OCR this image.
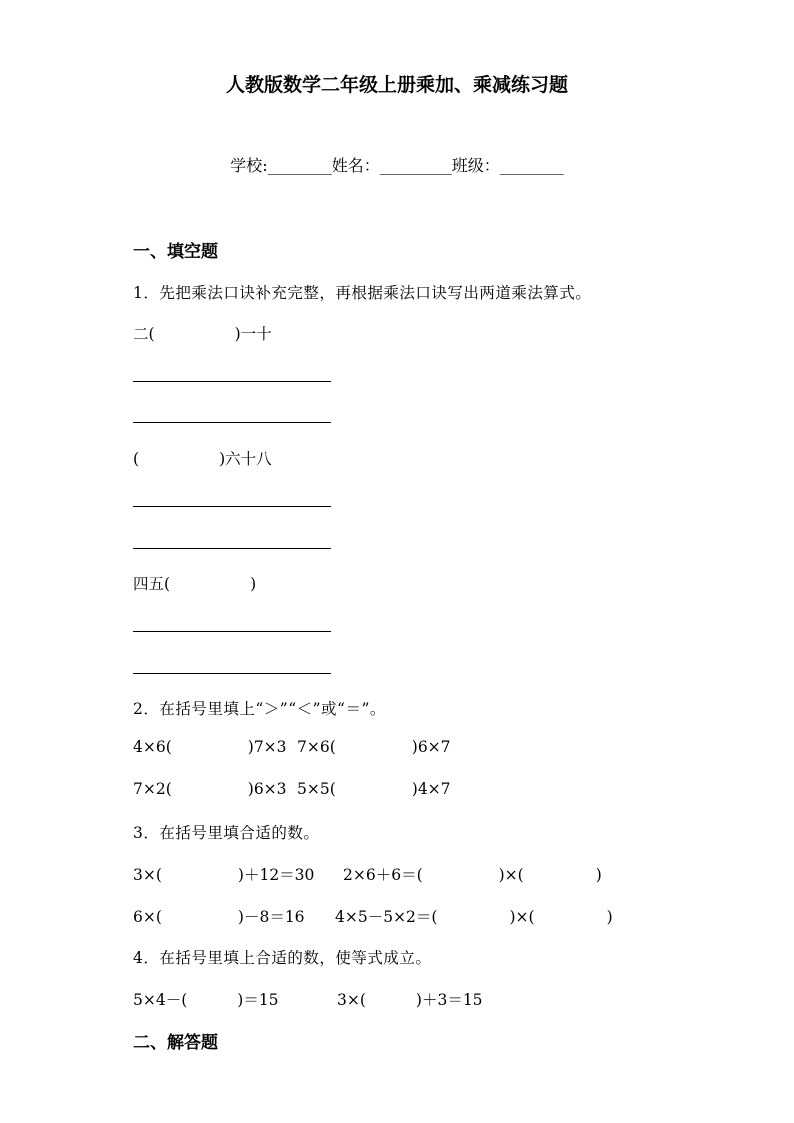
人教版数学二年级上册乘加、乘减练习题
学校:________姓名：_________班级：________
一、填空题
1．先把乘法口诀补充完整，再根据乘法口诀写出两道乘法算式。
二(	)一十
(	)六十八
四五(	)
2．在括号里填上“＞”“＜”或“＝”。
4×6(	)7×3 7×6(	)6×7
7×2(	)6×3 5×5(	)4×7
3．在括号里填合适的数。
3×(	)＋12＝30 2×6＋6＝(	)×(	)
6×(	)－8＝16 4×5－5×2＝(	)×(	)
4．在括号里填上合适的数，使等式成立。
5×4－(	)＝15	3×(	)＋3＝15
二、解答题
